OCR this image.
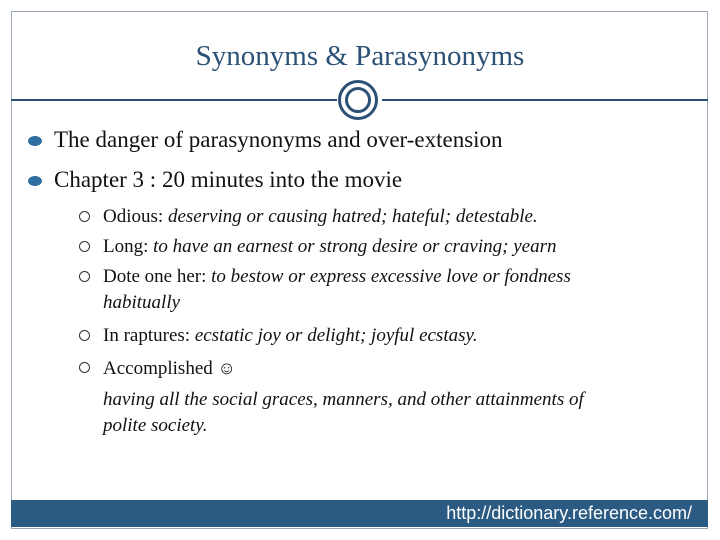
Synonyms & Parasynonyms
The danger of parasynonyms and over-extension
Chapter 3 : 20 minutes into the movie
Odious: deserving or causing hatred; hateful; detestable.
Long: to have an earnest or strong desire or craving; yearn
Dote one her: to bestow or express excessive love or fondness habitually
In raptures: ecstatic joy or delight; joyful ecstasy.
Accomplished ☺
having all the social graces, manners, and other attainments of polite society.
http://dictionary.reference.com/
